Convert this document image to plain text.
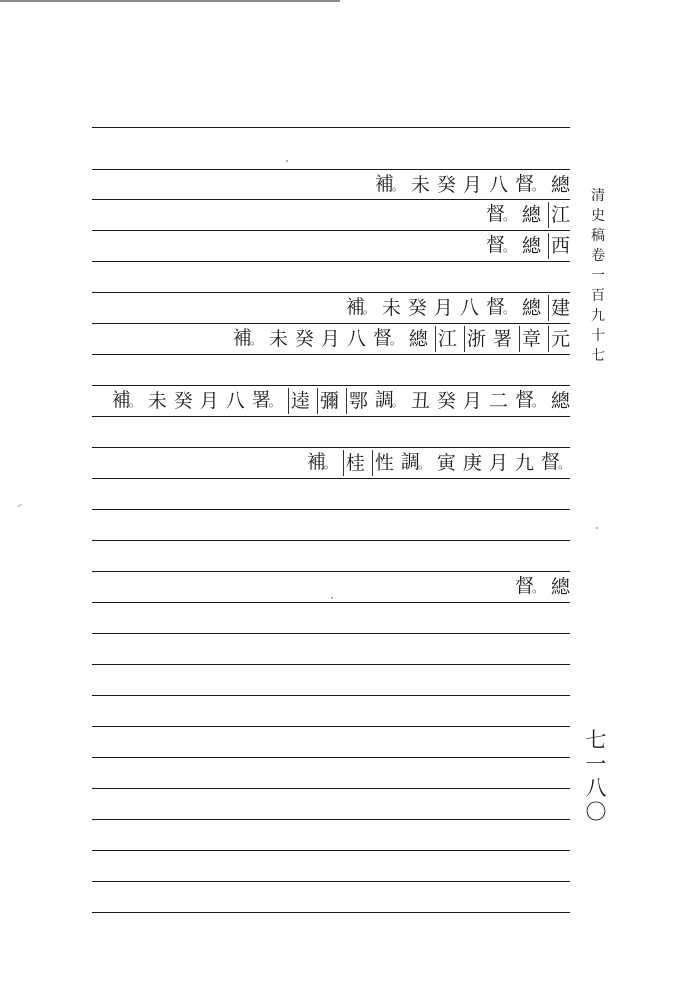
補 。 未 癸 月 八 督 。 總
督 。 總 江
督 。 總 西
補 。 未 癸 月 八 督 。 總 建
補 。 未 癸 月 八 督 。 總 江 浙 署 章 元
補 。 未 癸 月 八 署 。	逵 彌 鄂 調 。 丑 癸 月 二 督 。 總
補 。	桂 性 調 。 寅 庚 月 九 督 。
督 。 總
清史稿卷一百九十七
七一八〇
